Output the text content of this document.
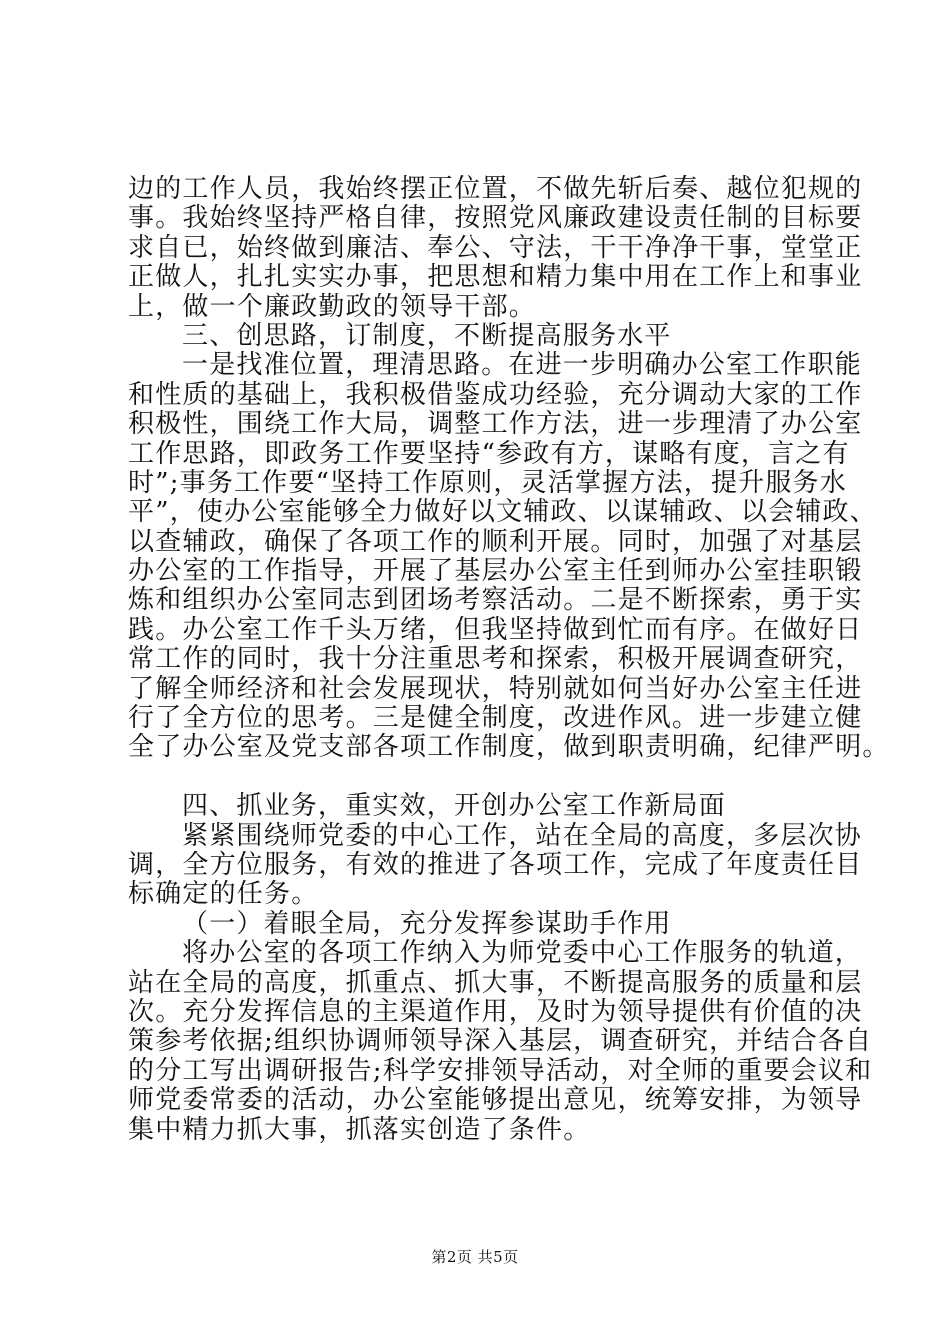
边的工作人员，我始终摆正位置，不做先斩后奏、越位犯规的
事。我始终坚持严格自律，按照党风廉政建设责任制的目标要
求自已，始终做到廉洁、奉公、守法，干干净净干事，堂堂正
正做人，扎扎实实办事，把思想和精力集中用在工作上和事业
上，做一个廉政勤政的领导干部。
三、创思路，订制度，不断提高服务水平
一是找准位置，理清思路。在进一步明确办公室工作职能
和性质的基础上，我积极借鉴成功经验，充分调动大家的工作
积极性，围绕工作大局，调整工作方法，进一步理清了办公室
工作思路，即政务工作要坚持“参政有方，谋略有度，言之有
时”;事务工作要“坚持工作原则，灵活掌握方法，提升服务水
平”，使办公室能够全力做好以文辅政、以谋辅政、以会辅政、
以查辅政，确保了各项工作的顺利开展。同时，加强了对基层
办公室的工作指导，开展了基层办公室主任到师办公室挂职锻
炼和组织办公室同志到团场考察活动。二是不断探索，勇于实
践。办公室工作千头万绪，但我坚持做到忙而有序。在做好日
常工作的同时，我十分注重思考和探索，积极开展调查研究，
了解全师经济和社会发展现状，特别就如何当好办公室主任进
行了全方位的思考。三是健全制度，改进作风。进一步建立健
全了办公室及党支部各项工作制度，做到职责明确，纪律严明。
四、抓业务，重实效，开创办公室工作新局面
紧紧围绕师党委的中心工作，站在全局的高度，多层次协
调，全方位服务，有效的推进了各项工作，完成了年度责任目
标确定的任务。
（一）着眼全局，充分发挥参谋助手作用
将办公室的各项工作纳入为师党委中心工作服务的轨道，
站在全局的高度，抓重点、抓大事，不断提高服务的质量和层
次。充分发挥信息的主渠道作用，及时为领导提供有价值的决
策参考依据;组织协调师领导深入基层，调查研究，并结合各自
的分工写出调研报告;科学安排领导活动，对全师的重要会议和
师党委常委的活动，办公室能够提出意见，统筹安排，为领导
集中精力抓大事，抓落实创造了条件。
第2页 共5页
